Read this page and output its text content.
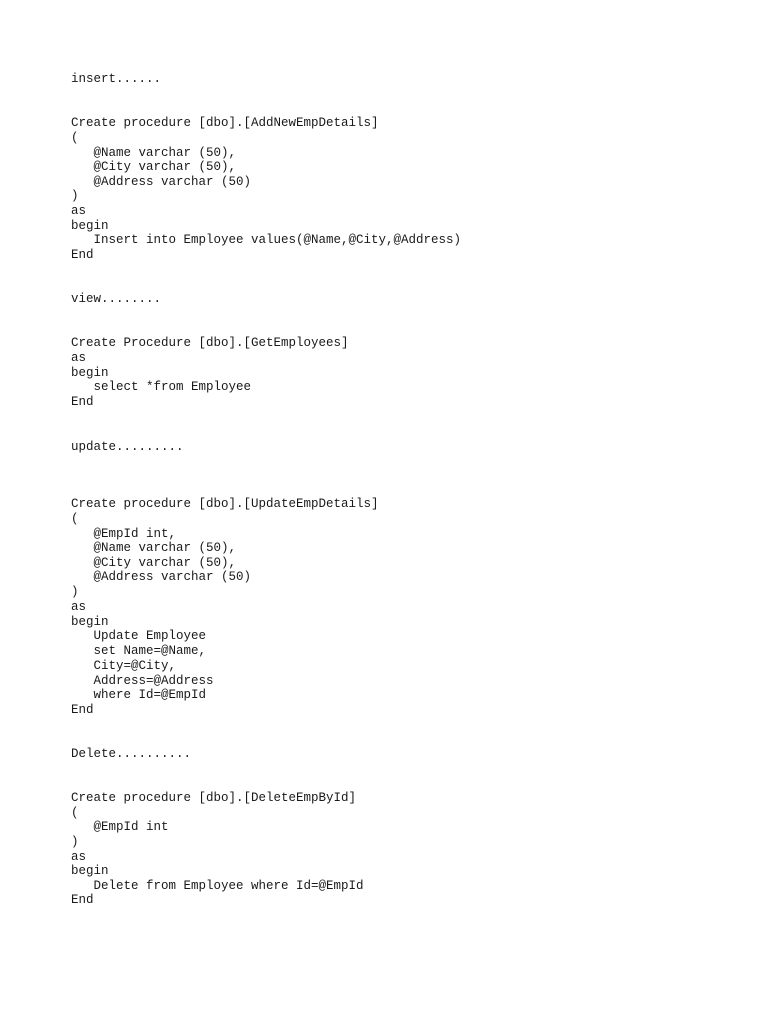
insert......
Create procedure [dbo].[AddNewEmpDetails]
(
@Name varchar (50),
@City varchar (50),
@Address varchar (50)
)
as
begin
Insert into Employee values(@Name,@City,@Address)
End
view........
Create Procedure [dbo].[GetEmployees]
as
begin
select *from Employee
End
update.........
Create procedure [dbo].[UpdateEmpDetails]
(
@EmpId int,
@Name varchar (50),
@City varchar (50),
@Address varchar (50)
)
as
begin
Update Employee
set Name=@Name,
City=@City,
Address=@Address
where Id=@EmpId
End
Delete..........
Create procedure [dbo].[DeleteEmpById]
(
@EmpId int
)
as
begin
Delete from Employee where Id=@EmpId
End
